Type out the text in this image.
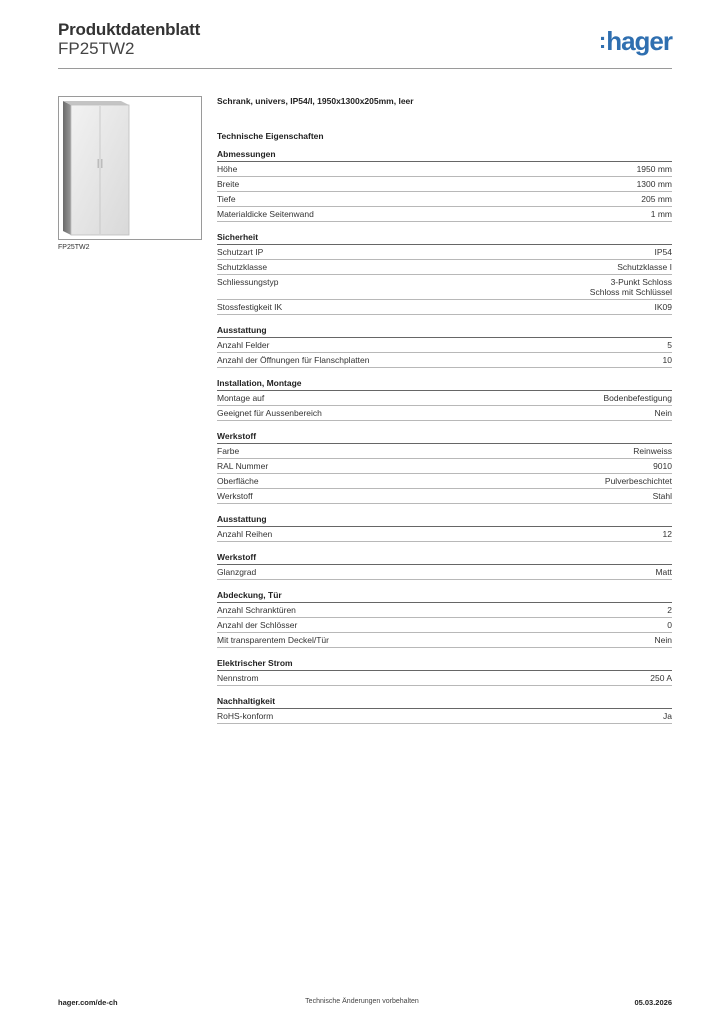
Produktdatenblatt
FP25TW2	:hager
FP25TW2
Schrank, univers, IP54/I, 1950x1300x205mm, leer
Technische Eigenschaften
Abmessungen
Höhe	1950 mm
Breite	1300 mm
Tiefe	205 mm
Materialdicke Seitenwand	1 mm
Sicherheit
Schutzart IP	IP54
Schutzklasse	Schutzklasse I
Schliessungstyp	3-Punkt Schloss
Schloss mit Schlüssel
Stossfestigkeit IK	IK09
Ausstattung
Anzahl Felder	5
Anzahl der Öffnungen für Flanschplatten	10
Installation, Montage
Montage auf	Bodenbefestigung
Geeignet für Aussenbereich	Nein
Werkstoff
Farbe	Reinweiss
RAL Nummer	9010
Oberfläche	Pulverbeschichtet
Werkstoff	Stahl
Ausstattung
Anzahl Reihen	12
Werkstoff
Glanzgrad	Matt
Abdeckung, Tür
Anzahl Schranktüren	2
Anzahl der Schlösser	0
Mit transparentem Deckel/Tür	Nein
Elektrischer Strom
Nennstrom	250 A
Nachhaltigkeit
RoHS-konform	Ja
hager.com/de-ch	Technische Änderungen vorbehalten	05.03.2026
